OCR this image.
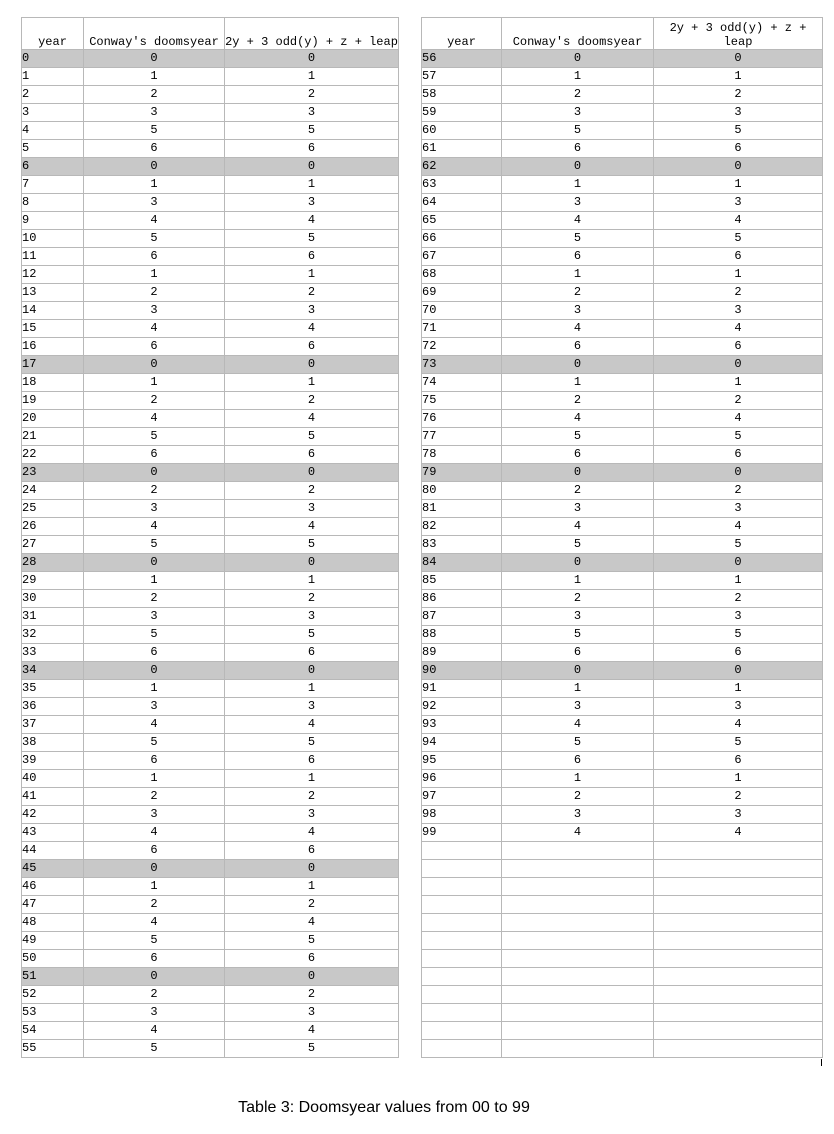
year	Conway's doomsyear	2y + 3 odd(y) + z + leap		year	Conway's doomsyear	2y + 3 odd(y) + z + leap
0	0	0		56	0	0
1	1	1		57	1	1
2	2	2		58	2	2
3	3	3		59	3	3
4	5	5		60	5	5
5	6	6		61	6	6
6	0	0		62	0	0
7	1	1		63	1	1
8	3	3		64	3	3
9	4	4		65	4	4
10	5	5		66	5	5
11	6	6		67	6	6
12	1	1		68	1	1
13	2	2		69	2	2
14	3	3		70	3	3
15	4	4		71	4	4
16	6	6		72	6	6
17	0	0		73	0	0
18	1	1		74	1	1
19	2	2		75	2	2
20	4	4		76	4	4
21	5	5		77	5	5
22	6	6		78	6	6
23	0	0		79	0	0
24	2	2		80	2	2
25	3	3		81	3	3
26	4	4		82	4	4
27	5	5		83	5	5
28	0	0		84	0	0
29	1	1		85	1	1
30	2	2		86	2	2
31	3	3		87	3	3
32	5	5		88	5	5
33	6	6		89	6	6
34	0	0		90	0	0
35	1	1		91	1	1
36	3	3		92	3	3
37	4	4		93	4	4
38	5	5		94	5	5
39	6	6		95	6	6
40	1	1		96	1	1
41	2	2		97	2	2
42	3	3		98	3	3
43	4	4		99	4	4
44	6	6				
45	0	0				
46	1	1				
47	2	2				
48	4	4				
49	5	5				
50	6	6				
51	0	0				
52	2	2				
53	3	3				
54	4	4				
55	5	5				
Table 3: Doomsyear values from 00 to 99
